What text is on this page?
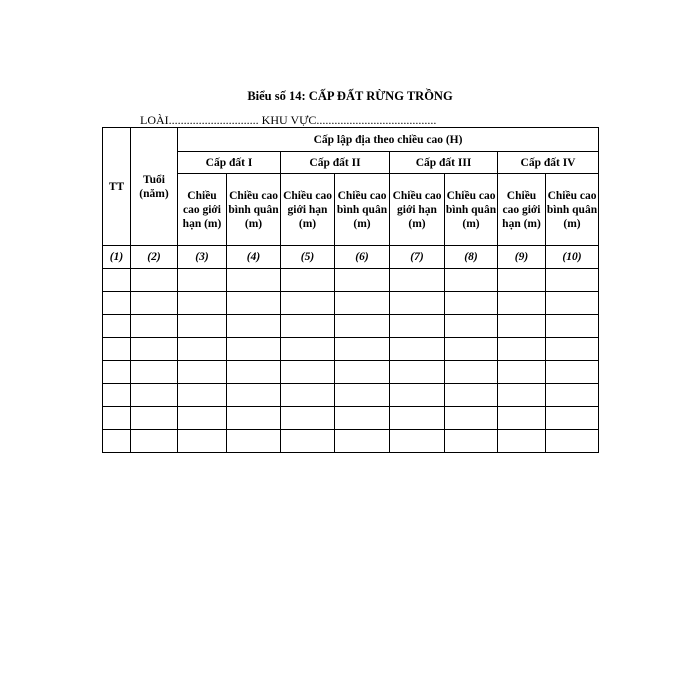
Biểu số 14: CẤP ĐẤT RỪNG TRỒNG
LOÀI.............................. KHU VỰC........................................
TT	Tuổi (năm)	Cấp lập địa theo chiều cao (H)							
		Cấp đất I		Cấp đất II		Cấp đất III		Cấp đất IV	
		Chiều cao giới hạn (m)	Chiều cao bình quân (m)	Chiều cao giới hạn (m)	Chiều cao bình quân (m)	Chiều cao giới hạn (m)	Chiều cao bình quân (m)	Chiều cao giới hạn (m)	Chiều cao bình quân (m)
(1)	(2)	(3)	(4)	(5)	(6)	(7)	(8)	(9)	(10)
